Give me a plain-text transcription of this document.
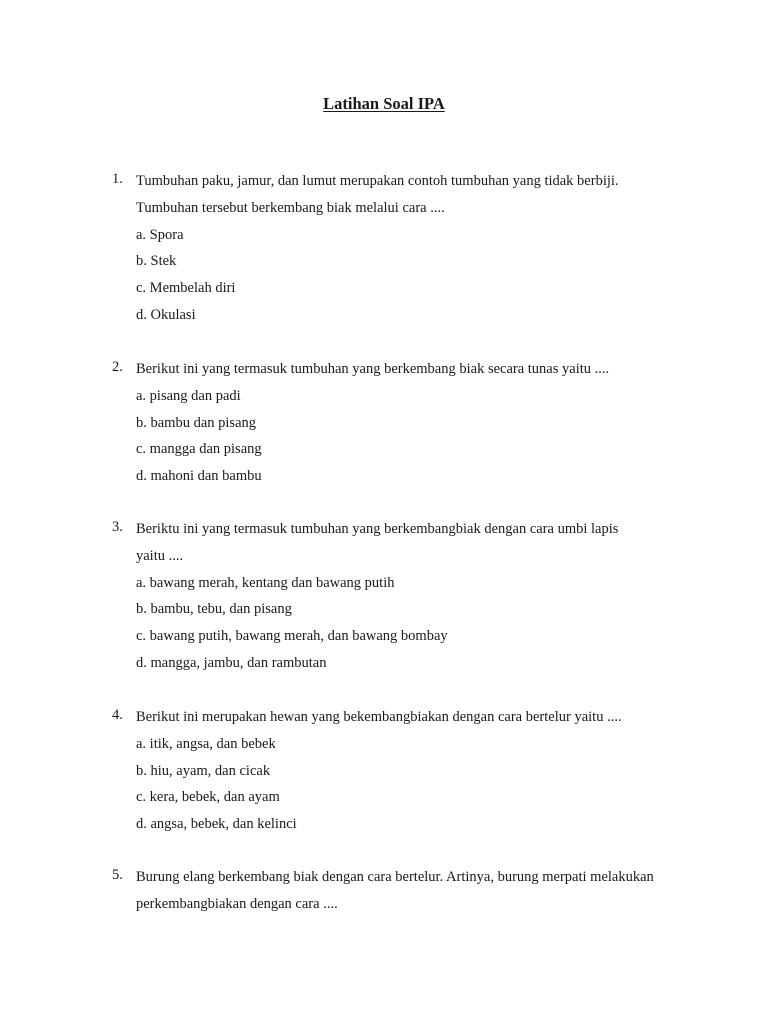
Latihan Soal IPA
1. Tumbuhan paku, jamur, dan lumut merupakan contoh tumbuhan yang tidak berbiji.
Tumbuhan tersebut berkembang biak melalui cara ....
a. Spora
b. Stek
c. Membelah diri
d. Okulasi
2. Berikut ini yang termasuk tumbuhan yang berkembang biak secara tunas yaitu ....
a. pisang dan padi
b. bambu dan pisang
c. mangga dan pisang
d. mahoni dan bambu
3. Beriktu ini yang termasuk tumbuhan yang berkembangbiak dengan cara umbi lapis
yaitu ....
a. bawang merah, kentang dan bawang putih
b. bambu, tebu, dan pisang
c. bawang putih, bawang merah, dan bawang bombay
d. mangga, jambu, dan rambutan
4. Berikut ini merupakan hewan yang bekembangbiakan dengan cara bertelur yaitu ....
a. itik, angsa, dan bebek
b. hiu, ayam, dan cicak
c. kera, bebek, dan ayam
d. angsa, bebek, dan kelinci
5. Burung elang berkembang biak dengan cara bertelur. Artinya, burung merpati melakukan
perkembangbiakan dengan cara ....
